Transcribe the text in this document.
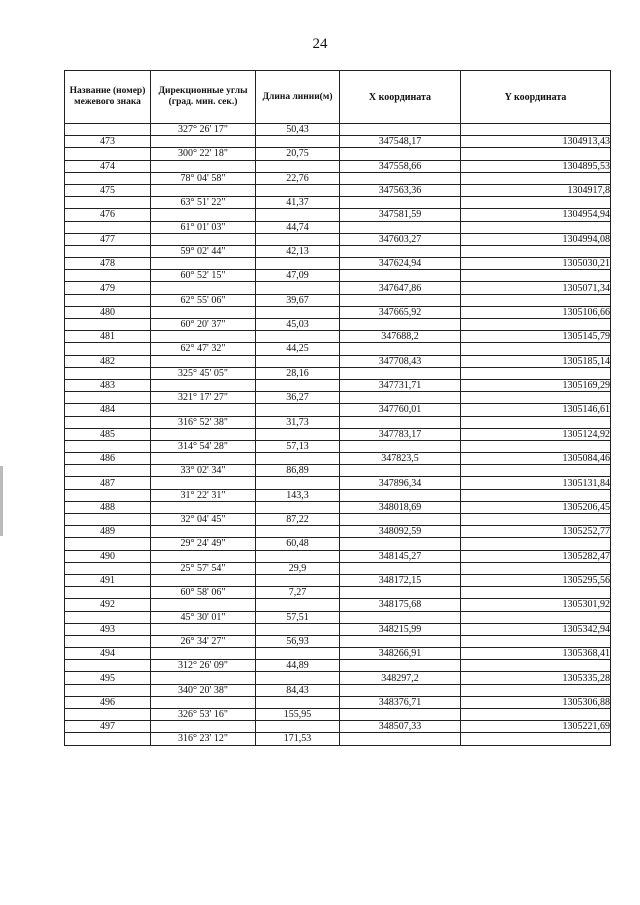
24
Название (номер) межевого знака	Дирекционные углы (град. мин. сек.)	Длина линии(м)	X координата	Y координата
	327° 26' 17"	50,43		
473			347548,17	1304913,43
	300° 22' 18"	20,75		
474			347558,66	1304895,53
	78° 04' 58"	22,76		
475			347563,36	1304917,8
	63° 51' 22"	41,37		
476			347581,59	1304954,94
	61° 01' 03"	44,74		
477			347603,27	1304994,08
	59° 02' 44"	42,13		
478			347624,94	1305030,21
	60° 52' 15"	47,09		
479			347647,86	1305071,34
	62° 55' 06"	39,67		
480			347665,92	1305106,66
	60° 20' 37"	45,03		
481			347688,2	1305145,79
	62° 47' 32"	44,25		
482			347708,43	1305185,14
	325° 45' 05"	28,16		
483			347731,71	1305169,29
	321° 17' 27"	36,27		
484			347760,01	1305146,61
	316° 52' 38"	31,73		
485			347783,17	1305124,92
	314° 54' 28"	57,13		
486			347823,5	1305084,46
	33° 02' 34"	86,89		
487			347896,34	1305131,84
	31° 22' 31"	143,3		
488			348018,69	1305206,45
	32° 04' 45"	87,22		
489			348092,59	1305252,77
	29° 24' 49"	60,48		
490			348145,27	1305282,47
	25° 57' 54"	29,9		
491			348172,15	1305295,56
	60° 58' 06"	7,27		
492			348175,68	1305301,92
	45° 30' 01"	57,51		
493			348215,99	1305342,94
	26° 34' 27"	56,93		
494			348266,91	1305368,41
	312° 26' 09"	44,89		
495			348297,2	1305335,28
	340° 20' 38"	84,43		
496			348376,71	1305306,88
	326° 53' 16"	155,95		
497			348507,33	1305221,69
	316° 23' 12"	171,53		
